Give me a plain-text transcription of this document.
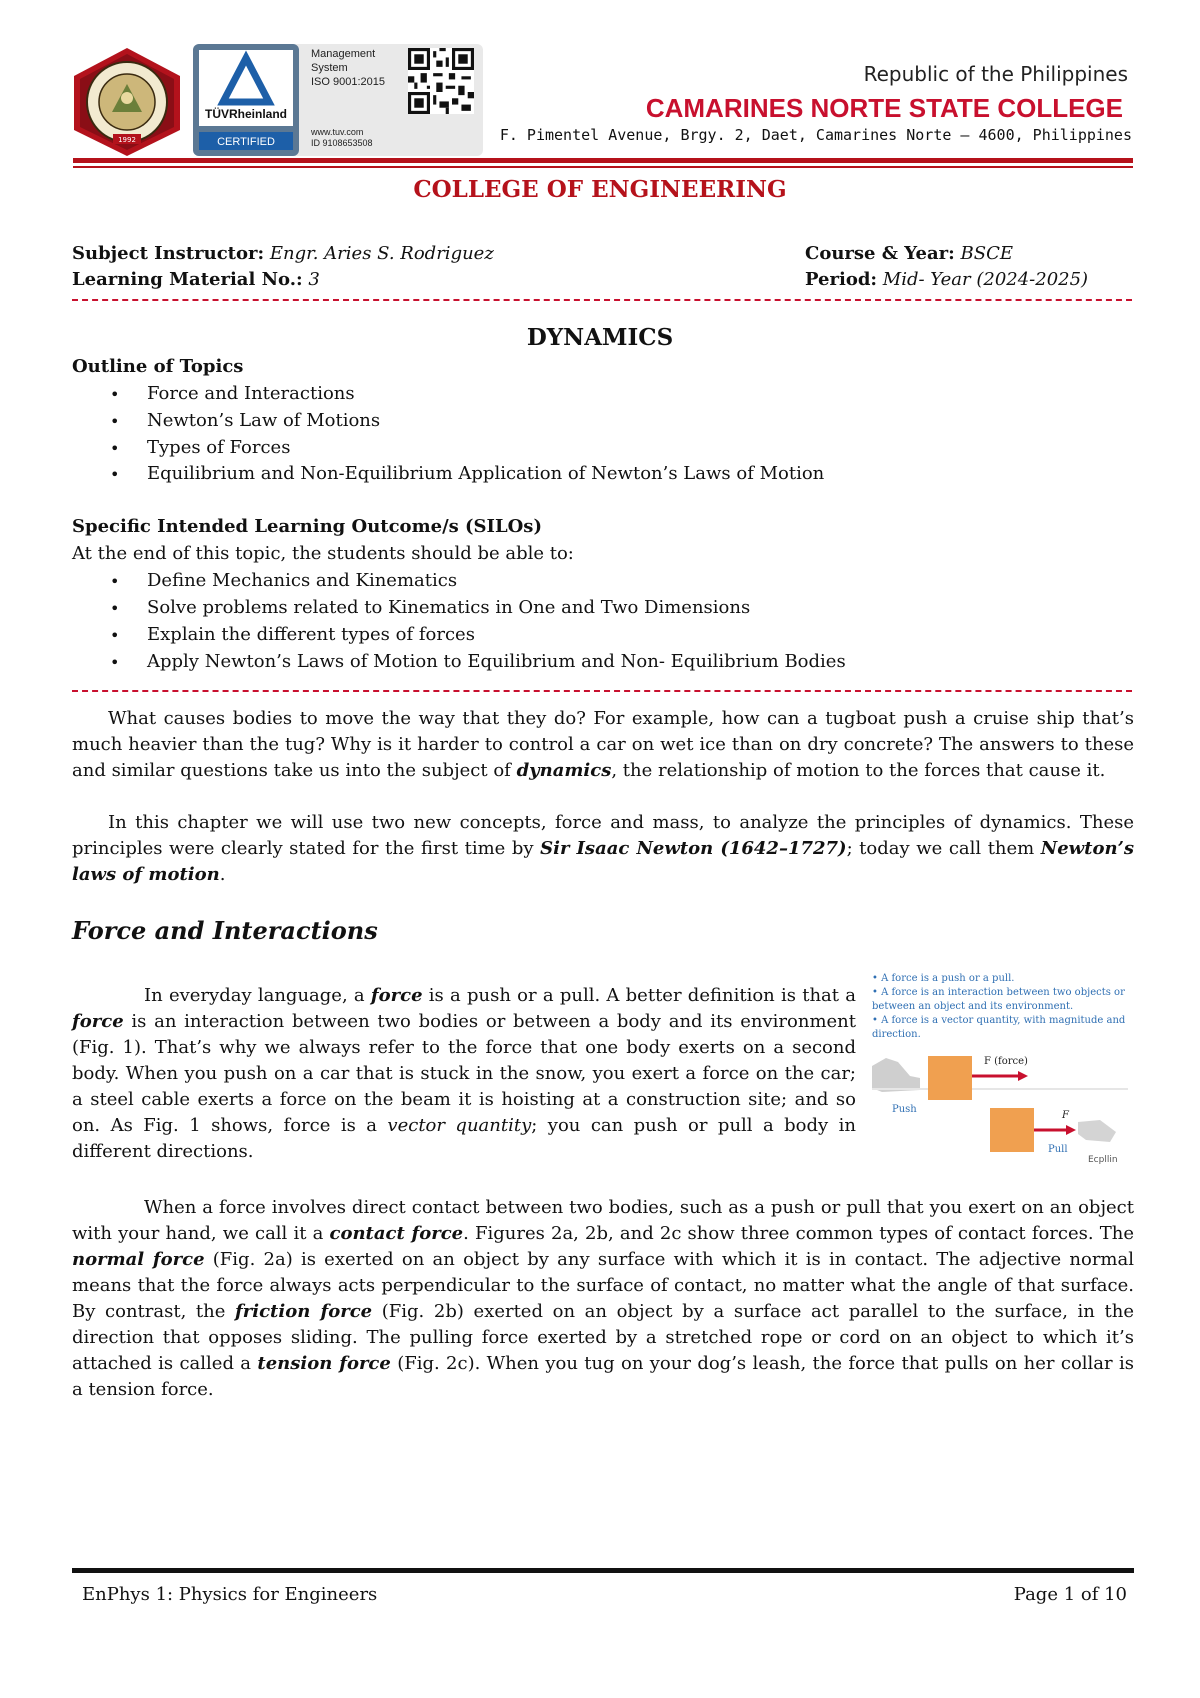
1992
TÜVRheinland
CERTIFIED
Management System
ISO 9001:2015
www.tuv.com
ID 9108653508
Republic of the Philippines
CAMARINES NORTE STATE COLLEGE
F. Pimentel Avenue, Brgy. 2, Daet, Camarines Norte – 4600, Philippines
COLLEGE OF ENGINEERING
Subject Instructor: Engr. Aries S. Rodriguez
Learning Material No.: 3
Course & Year: BSCE
Period: Mid- Year (2024-2025)
DYNAMICS
Outline of Topics
• Force and Interactions
• Newton’s Law of Motions
• Types of Forces
• Equilibrium and Non-Equilibrium Application of Newton’s Laws of Motion
Specific Intended Learning Outcome/s (SILOs)
At the end of this topic, the students should be able to:
• Define Mechanics and Kinematics
• Solve problems related to Kinematics in One and Two Dimensions
• Explain the different types of forces
• Apply Newton’s Laws of Motion to Equilibrium and Non- Equilibrium Bodies
What causes bodies to move the way that they do? For example, how can a tugboat push a cruise ship that’s much heavier than the tug? Why is it harder to control a car on wet ice than on dry concrete? The answers to these and similar questions take us into the subject of dynamics, the relationship of motion to the forces that cause it.
In this chapter we will use two new concepts, force and mass, to analyze the principles of dynamics. These principles were clearly stated for the first time by Sir Isaac Newton (1642–1727); today we call them Newton’s laws of motion.
Force and Interactions
In everyday language, a force is a push or a pull. A better definition is that a force is an interaction between two bodies or between a body and its environment (Fig. 1). That’s why we always refer to the force that one body exerts on a second body. When you push on a car that is stuck in the snow, you exert a force on the car; a steel cable exerts a force on the beam it is hoisting at a construction site; and so on. As Fig. 1 shows, force is a vector quantity; you can push or pull a body in different directions.
• A force is a push or a pull.
• A force is an interaction between two objects or between an object and its environment.
• A force is a vector quantity, with magnitude and direction.
F (force)
Push
F
Pull
Ecpllin
When a force involves direct contact between two bodies, such as a push or pull that you exert on an object with your hand, we call it a contact force. Figures 2a, 2b, and 2c show three common types of contact forces. The normal force (Fig. 2a) is exerted on an object by any surface with which it is in contact. The adjective normal means that the force always acts perpendicular to the surface of contact, no matter what the angle of that surface. By contrast, the friction force (Fig. 2b) exerted on an object by a surface act parallel to the surface, in the direction that opposes sliding. The pulling force exerted by a stretched rope or cord on an object to which it’s attached is called a tension force (Fig. 2c). When you tug on your dog’s leash, the force that pulls on her collar is a tension force.
EnPhys 1: Physics for Engineers	Page 1 of 10
